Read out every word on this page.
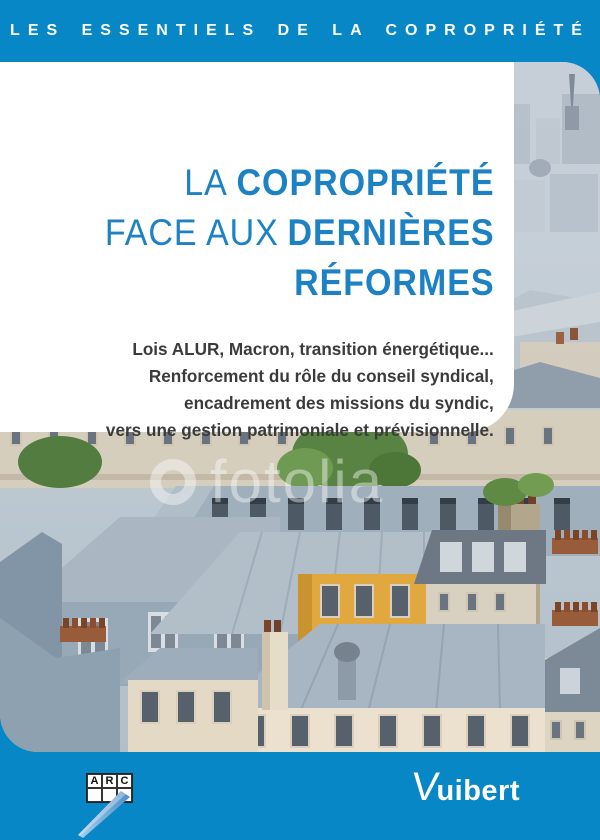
LES ESSENTIELS DE LA COPROPRIÉTÉ
fotolia
LA COPROPRIÉTÉ
FACE AUX DERNIÈRES
RÉFORMES
Lois ALUR, Macron, transition énergétique...
Renforcement du rôle du conseil syndical,
encadrement des missions du syndic,
vers une gestion patrimoniale et prévisionnelle.
A R C	Vuibert
